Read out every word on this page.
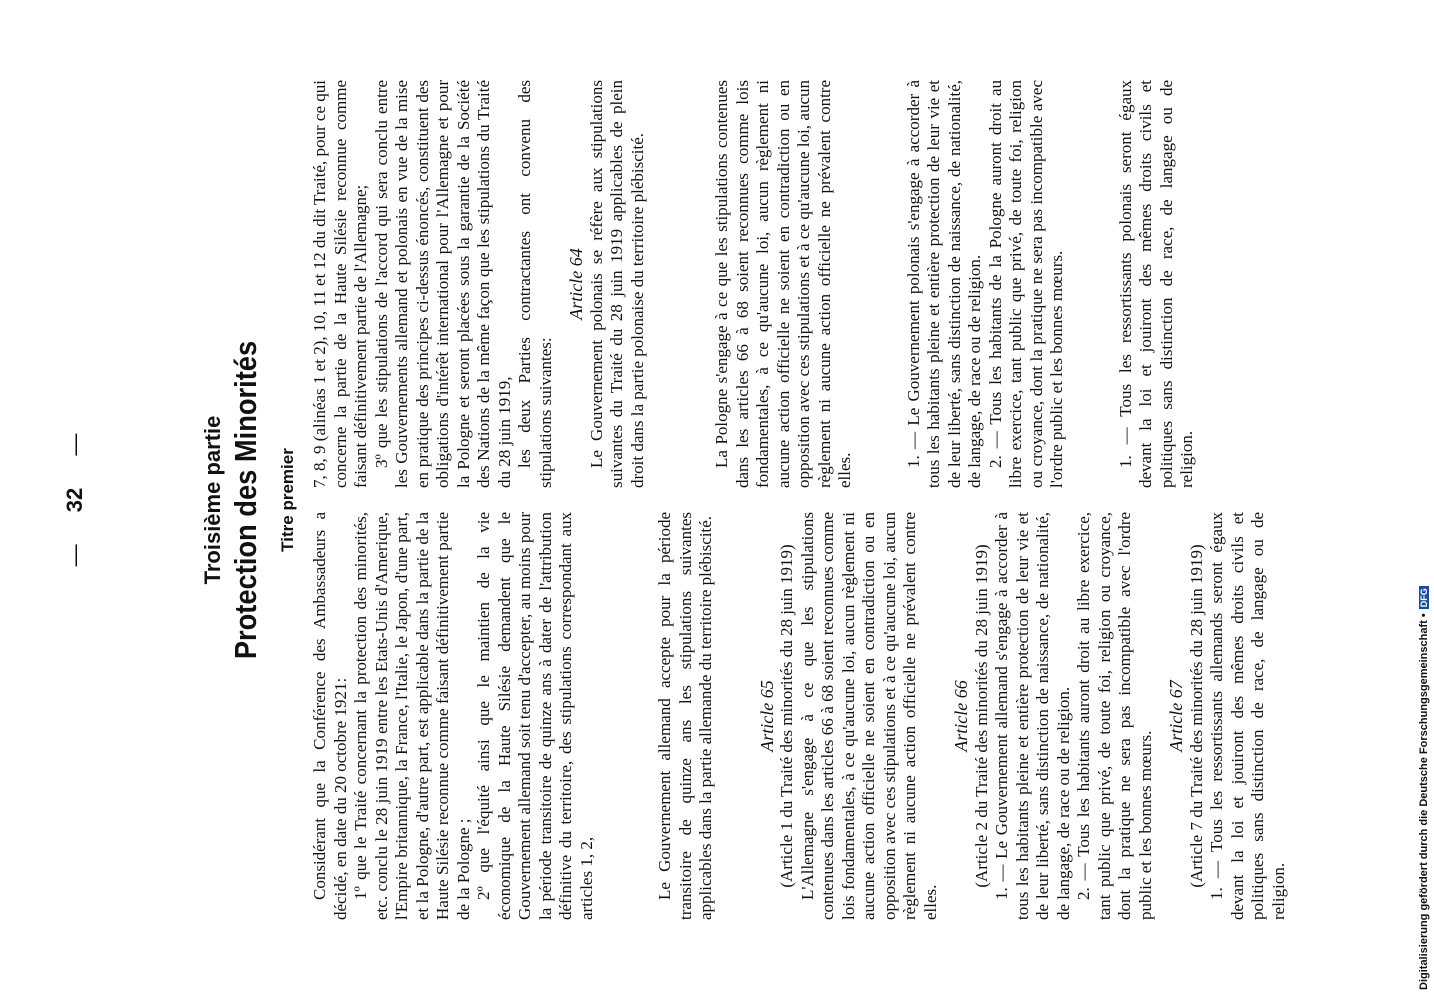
— 32 —	Troisième partie Protection des Minorités Titre premier

Considérant que la Conférence des Ambassadeurs a décidé, en date du 20 octobre 1921: 1º que le Traité concernant la protection des minorités, etc. conclu le 28 juin 1919 entre les Etats-Unis d'Amerique, l'Empire britannique, la France, l'Italie, le Japon, d'une part, et la Pologne, d'autre part, est applicable dans la partie de la Haute Silésie reconnue comme faisant définitivement partie de la Pologne ; 2º que l'équité ainsi que le maintien de la vie économique de la Haute Silésie demandent que le Gouvernement allemand soit tenu d'accepter, au moins pour la période transitoire de quinze ans à dater de l'attribution définitive du territoire, des stipulations correspondant aux articles 1, 2,	Le Gouvernement allemand accepte pour la période transitoire de quinze ans les stipulations suivantes applicables dans la partie allemande du territoire plébiscité. Article 65 (Article 1 du Traité des minorités du 28 juin 1919) L'Allemagne s'engage à ce que les stipulations contenues dans les articles 66 à 68 soient reconnues comme lois fondamentales, à ce qu'aucune loi, aucun règlement ni aucune action officielle ne soient en contradiction ou en opposition avec ces stipulations et à ce qu'aucune loi, aucun règlement ni aucune action officielle ne prévalent contre elles.

Article 66 (Article 2 du Traité des minorités du 28 juin 1919) 1. — Le Gouvernement allemand s'engage à accorder à tous les habitants pleine et entière protection de leur vie et de leur liberté, sans distinction de naissance, de nationalité, de langage, de race ou de religion. 2. — Tous les habitants auront droit au libre exercice, tant public que privé, de toute foi, religion ou croyance, dont la pratique ne sera pas incompatible avec l'ordre public et les bonnes mœurs.

Article 67 (Article 7 du Traité des minorités du 28 juin 1919) 1. — Tous les ressortissants allemands seront égaux devant la loi et jouiront des mêmes droits civils et politiques sans distinction de race, de langage ou de religion.

7, 8, 9 (alinéas 1 et 2), 10, 11 et 12 du dit Traité, pour ce qui concerne la partie de la Haute Silésie reconnue comme faisant définitivement partie de l'Allemagne; 3º que les stipulations de l'accord qui sera conclu entre les Gouvernements allemand et polonais en vue de la mise en pratique des principes ci-dessus énoncés, constituent des obligations d'intérêt international pour l'Allemagne et pour la Pologne et seront placées sous la garantie de la Société des Nations de la même façon que les stipulations du Traité du 28 juin 1919, les deux Parties contractantes ont convenu des stipulations suivantes:

Article 64 Le Gouvernement polonais se réfère aux stipulations suivantes du Traité du 28 juin 1919 applicables de plein droit dans la partie polonaise du territoire plébiscité.	La Pologne s'engage à ce que les stipulations contenues dans les articles 66 à 68 soient reconnues comme lois fondamentales, à ce qu'aucune loi, aucun règlement ni aucune action officielle ne soient en contradiction ou en opposition avec ces stipulations et à ce qu'aucune loi, aucun règlement ni aucune action officielle ne prévalent contre elles.

1. — Le Gouvernement polonais s'engage à accorder à tous les habitants pleine et entière protection de leur vie et de leur liberté, sans distinction de naissance, de nationalité, de langage, de race ou de religion. 2. — Tous les habitants de la Pologne auront droit au libre exercice, tant public que privé, de toute foi, religion ou croyance, dont la pratique ne sera pas incompatible avec l'ordre public et les bonnes mœurs.	1. — Tous les ressortissants polonais seront égaux devant la loi et jouiront des mêmes droits civils et politiques sans distinction de race, de langage ou de religion.

Digitalisierung gefördert durch die Deutsche Forschungsgemeinschaft •DFG
